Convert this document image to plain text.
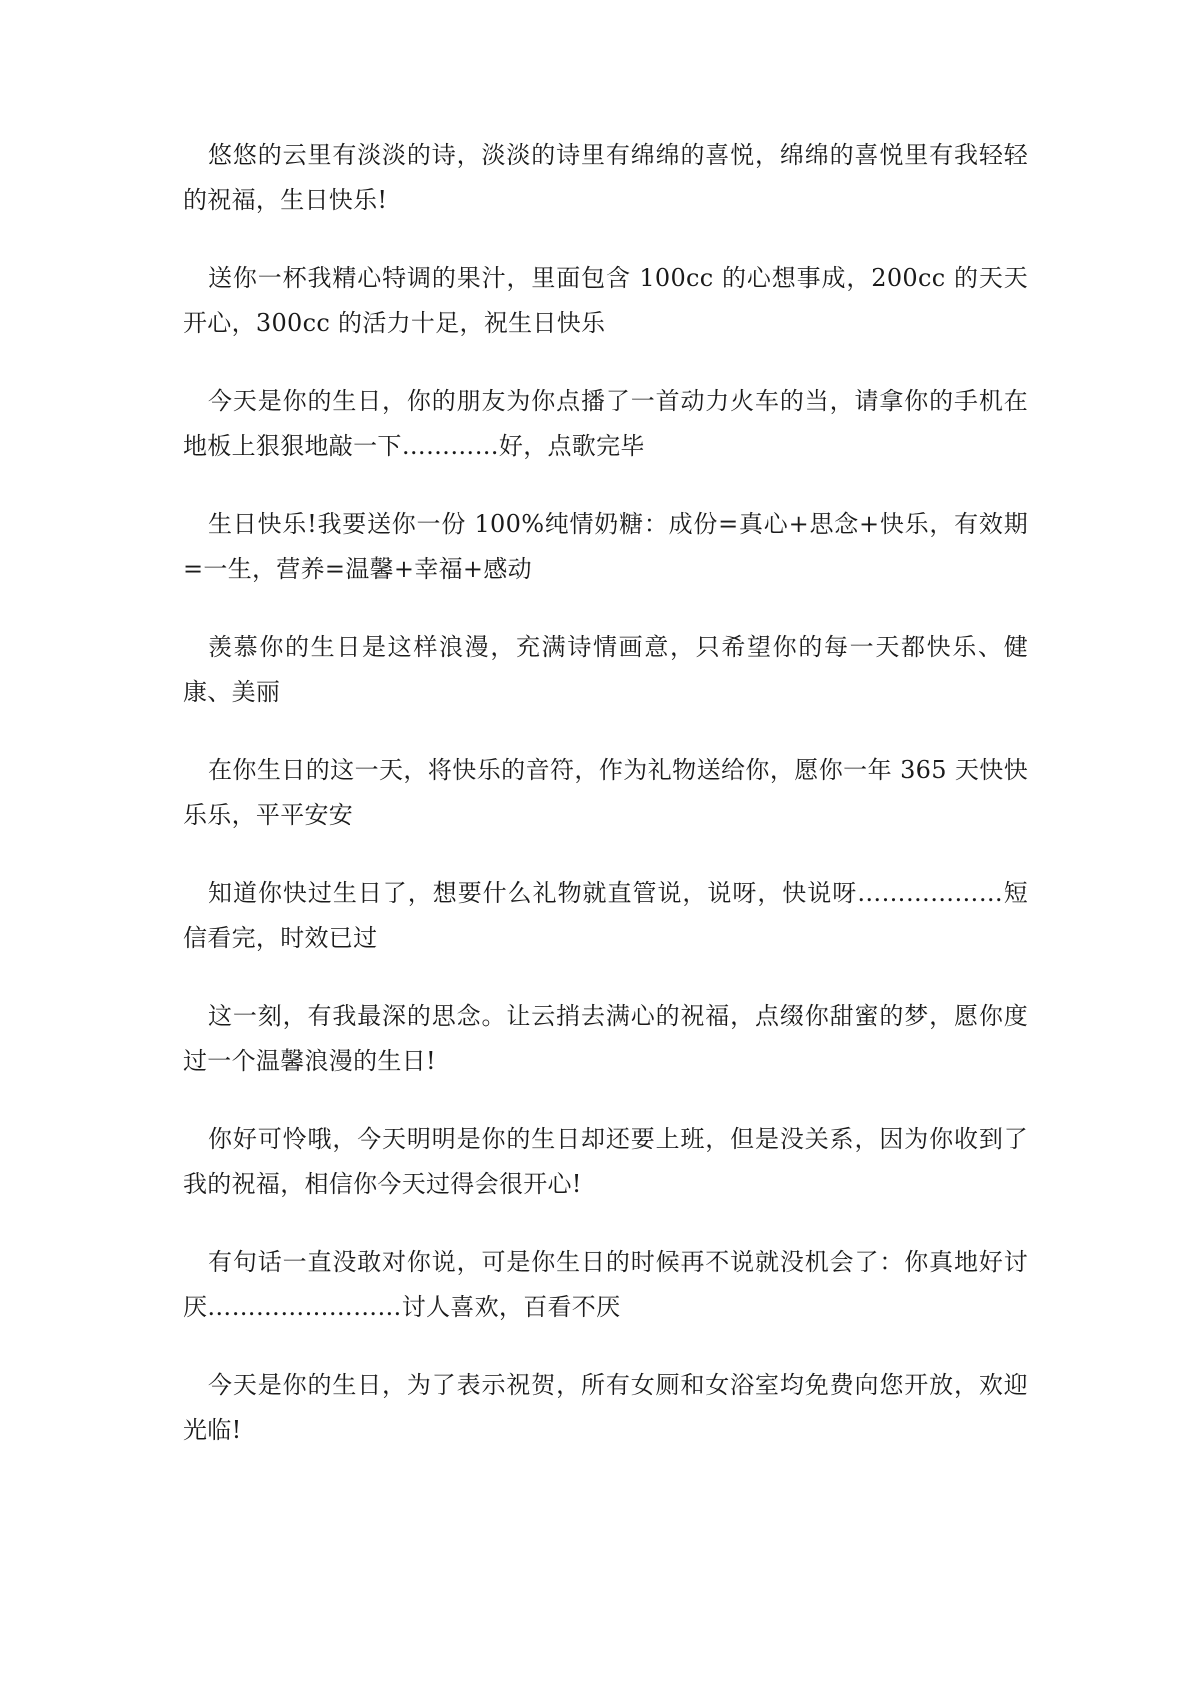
悠悠的云里有淡淡的诗，淡淡的诗里有绵绵的喜悦，绵绵的喜悦里有我轻轻的祝福，生日快乐!

送你一杯我精心特调的果汁，里面包含 100cc 的心想事成，200cc 的天天开心，300cc 的活力十足，祝生日快乐

今天是你的生日，你的朋友为你点播了一首动力火车的当，请拿你的手机在地板上狠狠地敲一下…………好，点歌完毕

生日快乐!我要送你一份 100%纯情奶糖：成份=真心+思念+快乐，有效期=一生，营养=温馨+幸福+感动

羡慕你的生日是这样浪漫，充满诗情画意，只希望你的每一天都快乐、健康、美丽

在你生日的这一天，将快乐的音符，作为礼物送给你，愿你一年 365 天快快乐乐，平平安安

知道你快过生日了，想要什么礼物就直管说，说呀，快说呀………………短信看完，时效已过

这一刻，有我最深的思念。让云捎去满心的祝福，点缀你甜蜜的梦，愿你度过一个温馨浪漫的生日!

你好可怜哦，今天明明是你的生日却还要上班，但是没关系，因为你收到了我的祝福，相信你今天过得会很开心!

有句话一直没敢对你说，可是你生日的时候再不说就没机会了：你真地好讨厌……………………讨人喜欢，百看不厌

今天是你的生日，为了表示祝贺，所有女厕和女浴室均免费向您开放，欢迎光临!
